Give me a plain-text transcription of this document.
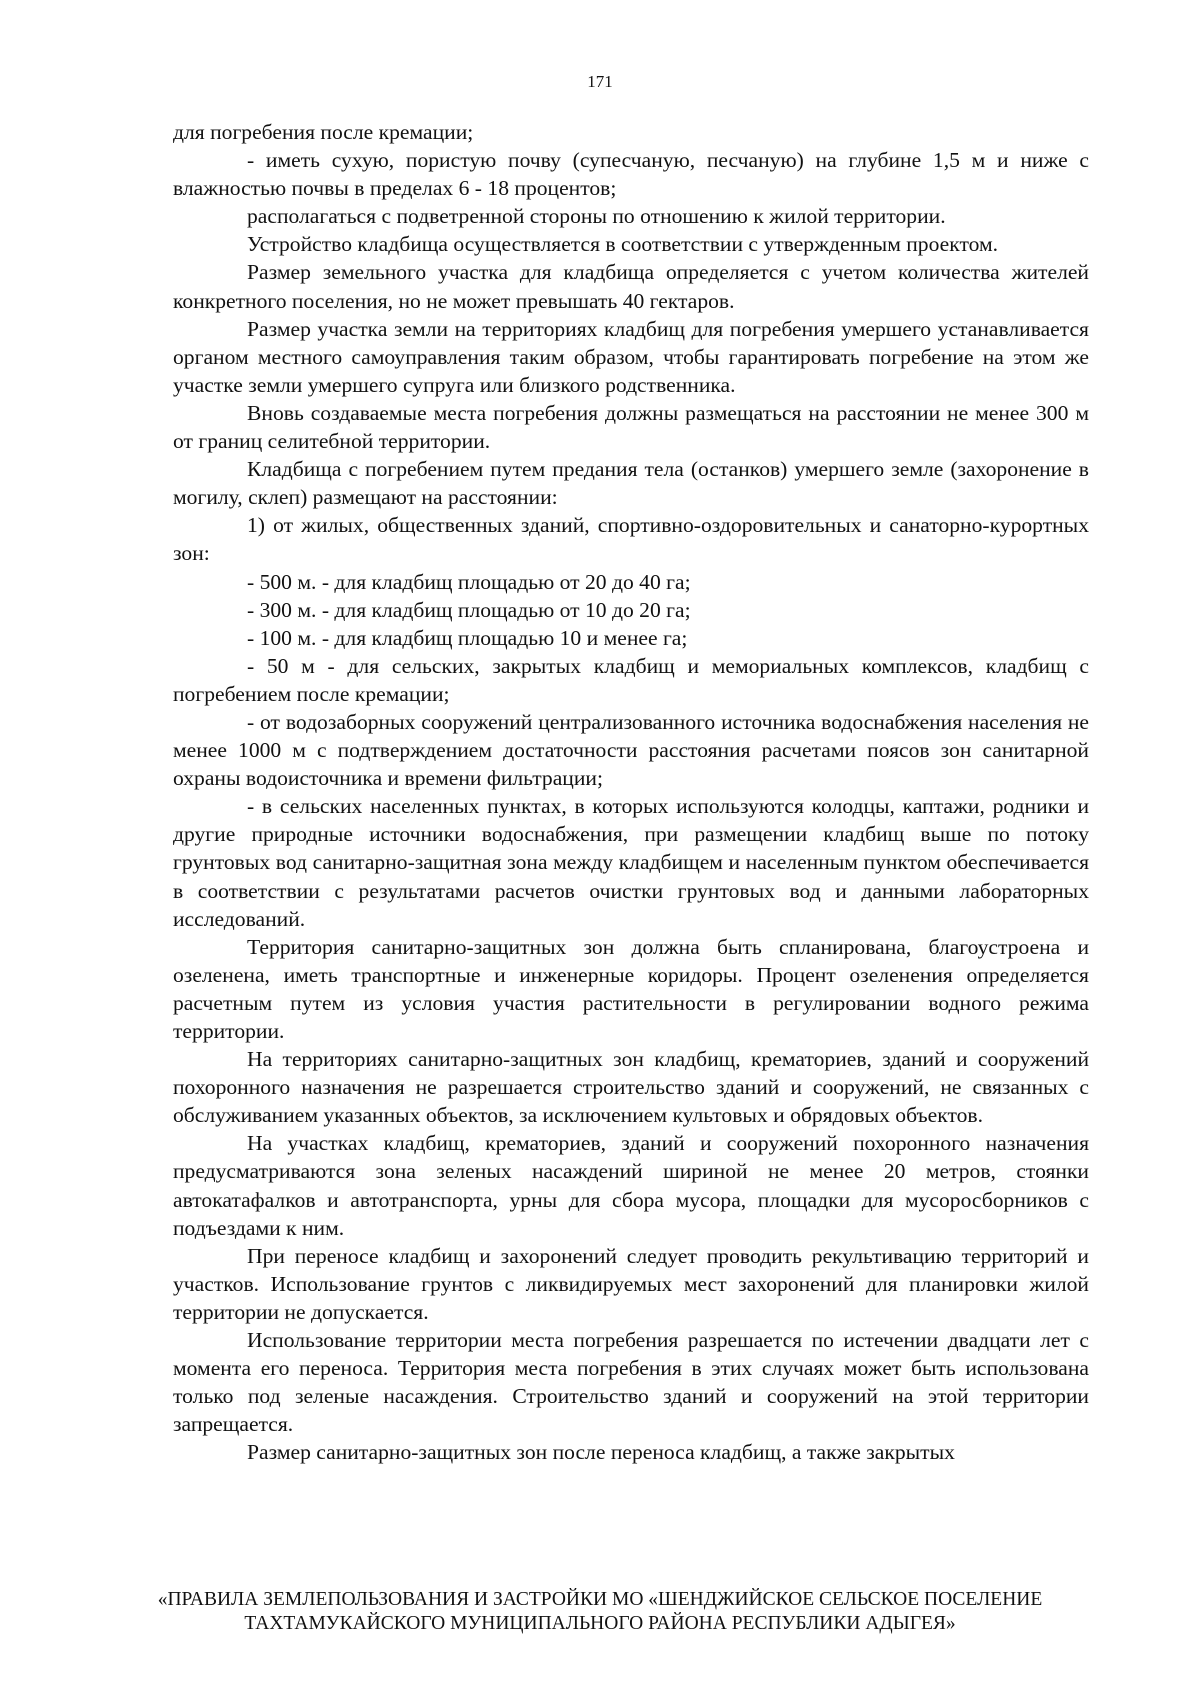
171

для погребения после кремации;

- иметь сухую, пористую почву (супесчаную, песчаную) на глубине 1,5 м и ниже с влажностью почвы в пределах 6 - 18 процентов;

располагаться с подветренной стороны по отношению к жилой территории.

Устройство кладбища осуществляется в соответствии с утвержденным проектом.

Размер земельного участка для кладбища определяется с учетом количества жителей конкретного поселения, но не может превышать 40 гектаров.

Размер участка земли на территориях кладбищ для погребения умершего устанавливается органом местного самоуправления таким образом, чтобы гарантировать погребение на этом же участке земли умершего супруга или близкого родственника.

Вновь создаваемые места погребения должны размещаться на расстоянии не менее 300 м от границ селитебной территории.

Кладбища с погребением путем предания тела (останков) умершего земле (захоронение в могилу, склеп) размещают на расстоянии:

1) от жилых, общественных зданий, спортивно-оздоровительных и санаторно-курортных зон:

- 500 м. - для кладбищ площадью от 20 до 40 га;

- 300 м. - для кладбищ площадью от 10 до 20 га;

- 100 м. - для кладбищ площадью 10 и менее га;

- 50 м - для сельских, закрытых кладбищ и мемориальных комплексов, кладбищ с погребением после кремации;

- от водозаборных сооружений централизованного источника водоснабжения населения не менее 1000 м с подтверждением достаточности расстояния расчетами поясов зон санитарной охраны водоисточника и времени фильтрации;

- в сельских населенных пунктах, в которых используются колодцы, каптажи, родники и другие природные источники водоснабжения, при размещении кладбищ выше по потоку грунтовых вод санитарно-защитная зона между кладбищем и населенным пунктом обеспечивается в соответствии с результатами расчетов очистки грунтовых вод и данными лабораторных исследований.

Территория санитарно-защитных зон должна быть спланирована, благоустроена и озеленена, иметь транспортные и инженерные коридоры. Процент озеленения определяется расчетным путем из условия участия растительности в регулировании водного режима территории.

На территориях санитарно-защитных зон кладбищ, крематориев, зданий и сооружений похоронного назначения не разрешается строительство зданий и сооружений, не связанных с обслуживанием указанных объектов, за исключением культовых и обрядовых объектов.

На участках кладбищ, крематориев, зданий и сооружений похоронного назначения предусматриваются зона зеленых насаждений шириной не менее 20 метров, стоянки автокатафалков и автотранспорта, урны для сбора мусора, площадки для мусоросборников с подъездами к ним.

При переносе кладбищ и захоронений следует проводить рекультивацию территорий и участков. Использование грунтов с ликвидируемых мест захоронений для планировки жилой территории не допускается.

Использование территории места погребения разрешается по истечении двадцати лет с момента его переноса. Территория места погребения в этих случаях может быть использована только под зеленые насаждения. Строительство зданий и сооружений на этой территории запрещается.

Размер санитарно-защитных зон после переноса кладбищ, а также закрытых

«ПРАВИЛА ЗЕМЛЕПОЛЬЗОВАНИЯ И ЗАСТРОЙКИ МО «ШЕНДЖИЙСКОЕ СЕЛЬСКОЕ ПОСЕЛЕНИЕ

ТАХТАМУКАЙСКОГО МУНИЦИПАЛЬНОГО РАЙОНА РЕСПУБЛИКИ АДЫГЕЯ»
